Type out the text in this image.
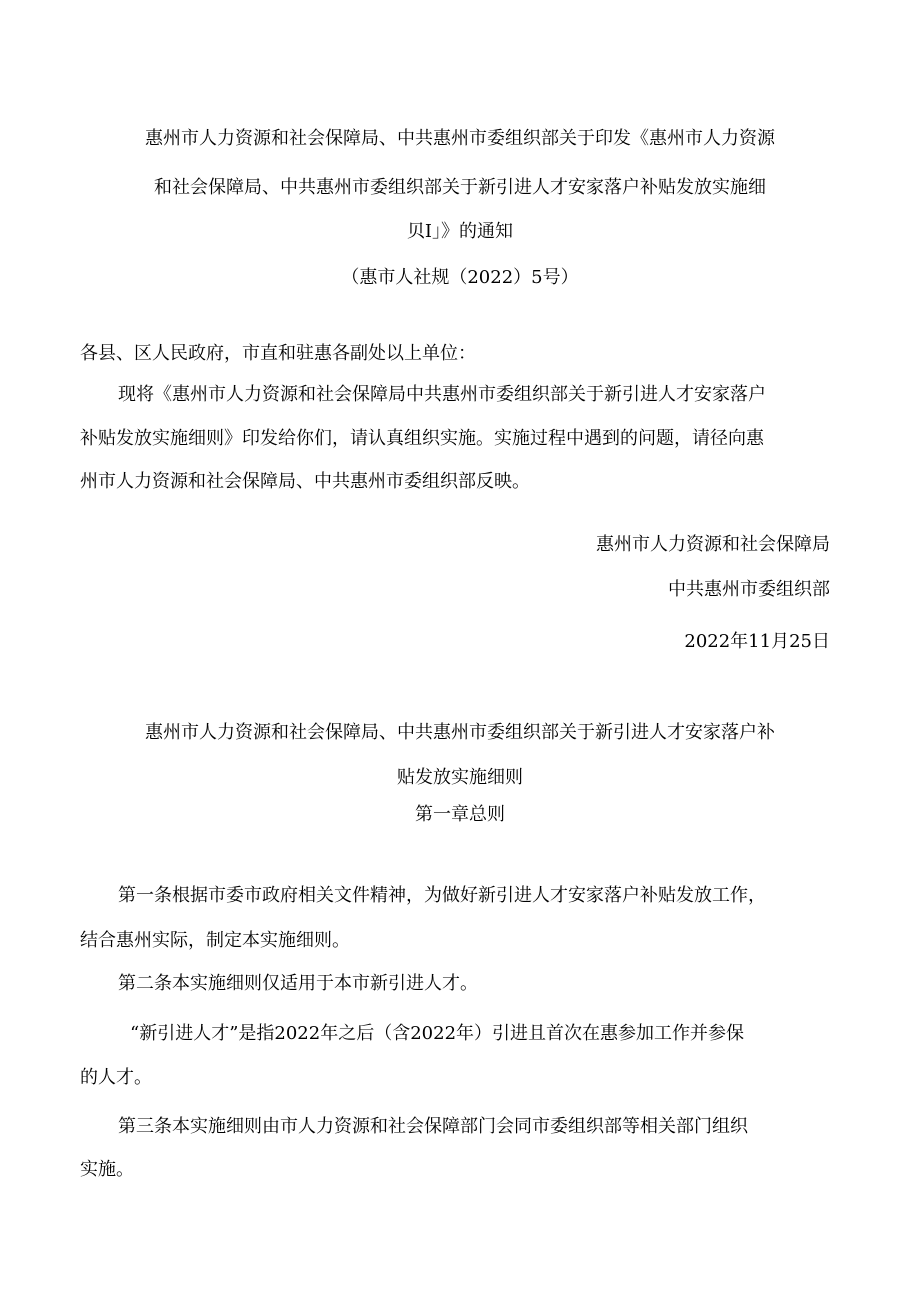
惠州市人力资源和社会保障局、中共惠州市委组织部关于印发《惠州市人力资源
和社会保障局、中共惠州市委组织部关于新引进人才安家落户补贴发放实施细
贝I」》的通知
（惠市人社规（2022）5号）
各县、区人民政府，市直和驻惠各副处以上单位：
现将《惠州市人力资源和社会保障局中共惠州市委组织部关于新引进人才安家落户
补贴发放实施细则》印发给你们，请认真组织实施。实施过程中遇到的问题，请径向惠
州市人力资源和社会保障局、中共惠州市委组织部反映。
惠州市人力资源和社会保障局
中共惠州市委组织部
2022年11月25日
惠州市人力资源和社会保障局、中共惠州市委组织部关于新引进人才安家落户补
贴发放实施细则
第一章总则
第一条根据市委市政府相关文件精神，为做好新引进人才安家落户补贴发放工作，
结合惠州实际，制定本实施细则。
第二条本实施细则仅适用于本市新引进人才。
“新引进人才”是指2022年之后（含2022年）引进且首次在惠参加工作并参保
的人才。
第三条本实施细则由市人力资源和社会保障部门会同市委组织部等相关部门组织
实施。
